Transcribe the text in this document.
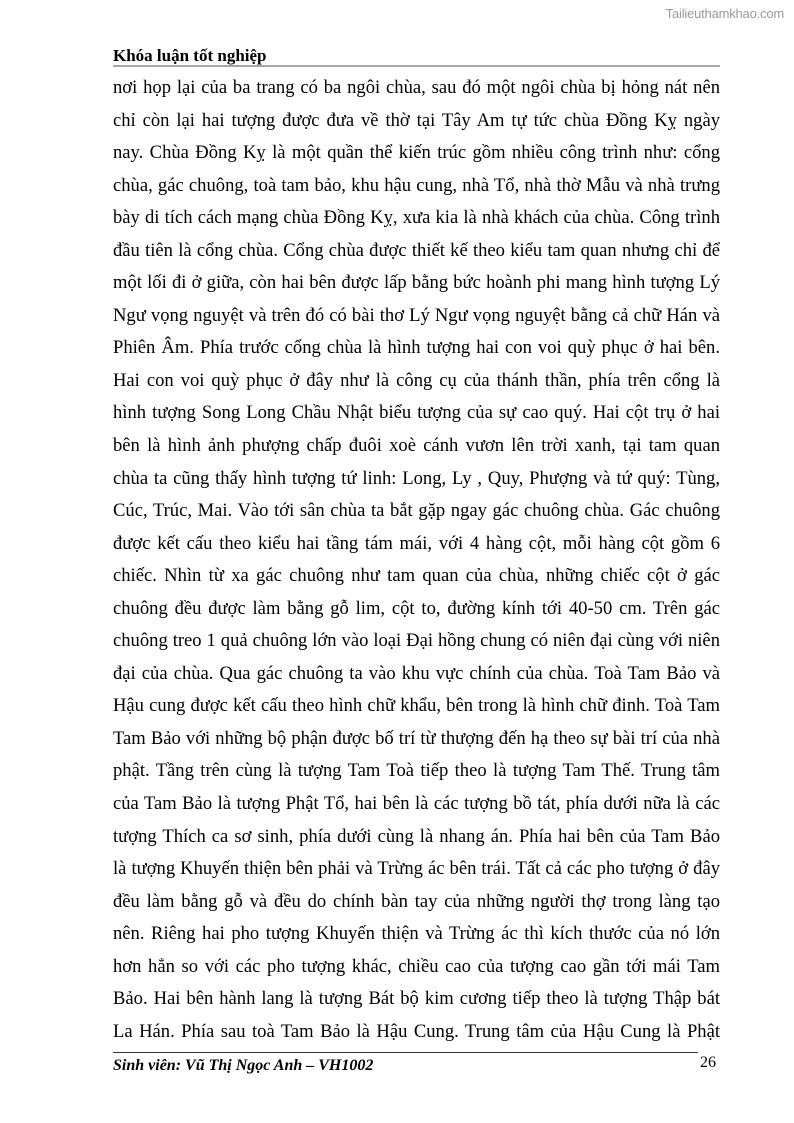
Tailieuthamkhao.com
Khóa luận tốt nghiệp
nơi họp lại của ba trang có ba ngôi chùa, sau đó một ngôi chùa bị hỏng nát nên
chỉ còn lại hai tượng được đưa về thờ tại Tây Am tự tức chùa Đồng Kỵ ngày
nay. Chùa Đồng Kỵ là một quần thể kiến trúc gồm nhiều công trình như: cổng
chùa, gác chuông, toà tam bảo, khu hậu cung, nhà Tổ, nhà thờ Mẫu và nhà trưng
bày di tích cách mạng chùa Đồng Kỵ, xưa kia là nhà khách của chùa. Công trình
đầu tiên là cổng chùa. Cổng chùa được thiết kế theo kiểu tam quan nhưng chỉ để
một lối đi ở giữa, còn hai bên được lấp bằng bức hoành phi mang hình tượng Lý
Ngư vọng nguyệt và trên đó có bài thơ Lý Ngư vọng nguyệt bằng cả chữ Hán và
Phiên Âm. Phía trước cổng chùa là hình tượng hai con voi quỳ phục ở hai bên.
Hai con voi quỳ phục ở đây như là công cụ của thánh thần, phía trên cổng là
hình tượng Song Long Chầu Nhật biểu tượng của sự cao quý. Hai cột trụ ở hai
bên là hình ảnh phượng chấp đuôi xoè cánh vươn lên trời xanh, tại tam quan
chùa ta cũng thấy hình tượng tứ linh: Long, Ly , Quy, Phượng và tứ quý: Tùng,
Cúc, Trúc, Mai. Vào tới sân chùa ta bắt gặp ngay gác chuông chùa. Gác chuông
được kết cấu theo kiểu hai tầng tám mái, với 4 hàng cột, mỗi hàng cột gồm 6
chiếc. Nhìn từ xa gác chuông như tam quan của chùa, những chiếc cột ở gác
chuông đều được làm bằng gỗ lim, cột to, đường kính tới 40-50 cm. Trên gác
chuông treo 1 quả chuông lớn vào loại Đại hồng chung có niên đại cùng với niên
đại của chùa. Qua gác chuông ta vào khu vực chính của chùa. Toà Tam Bảo và
Hậu cung được kết cấu theo hình chữ khẩu, bên trong là hình chữ đinh. Toà Tam
Tam Bảo với những bộ phận được bố trí từ thượng đến hạ theo sự bài trí của nhà
phật. Tầng trên cùng là tượng Tam Toà tiếp theo là tượng Tam Thế. Trung tâm
của Tam Bảo là tượng Phật Tổ, hai bên là các tượng bồ tát, phía dưới nữa là các
tượng Thích ca sơ sinh, phía dưới cùng là nhang án. Phía hai bên của Tam Bảo
là tượng Khuyến thiện bên phải và Trừng ác bên trái. Tất cả các pho tượng ở đây
đều làm bằng gỗ và đều do chính bàn tay của những người thợ trong làng tạo
nên. Riêng hai pho tượng Khuyến thiện và Trừng ác thì kích thước của nó lớn
hơn hẳn so với các pho tượng khác, chiều cao của tượng cao gần tới mái Tam
Bảo. Hai bên hành lang là tượng Bát bộ kim cương tiếp theo là tượng Thập bát
La Hán. Phía sau toà Tam Bảo là Hậu Cung. Trung tâm của Hậu Cung là Phật
Sinh viên: Vũ Thị Ngọc Anh – VH1002	26
